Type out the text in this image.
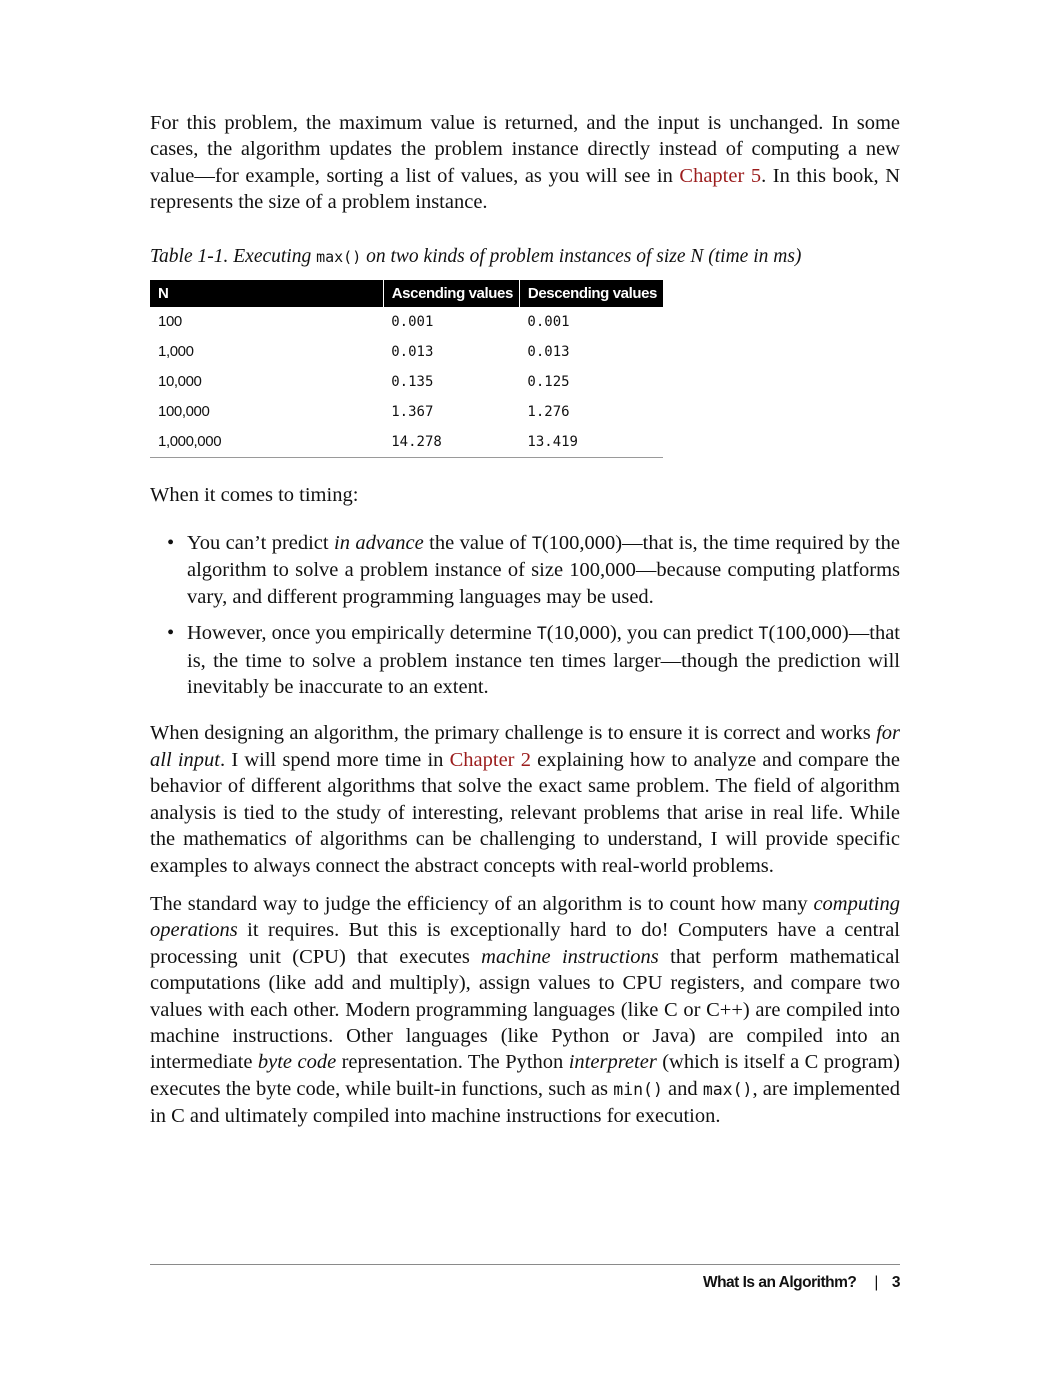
For this problem, the maximum value is returned, and the input is unchanged. In some cases, the algorithm updates the problem instance directly instead of computing a new value—for example, sorting a list of values, as you will see in Chapter 5. In this book, N represents the size of a problem instance.

Table 1-1. Executing max() on two kinds of problem instances of size N (time in ms)
N	Ascending values	Descending values
100	0.001	0.001
1,000	0.013	0.013
10,000	0.135	0.125
100,000	1.367	1.276
1,000,000	14.278	13.419

When it comes to timing:

• You can’t predict in advance the value of T(100,000)—that is, the time required by the algorithm to solve a problem instance of size 100,000—because computing platforms vary, and different programming languages may be used.
• However, once you empirically determine T(10,000), you can predict T(100,000)—that is, the time to solve a problem instance ten times larger—though the prediction will inevitably be inaccurate to an extent.

When designing an algorithm, the primary challenge is to ensure it is correct and works for all input. I will spend more time in Chapter 2 explaining how to analyze and compare the behavior of different algorithms that solve the exact same problem. The field of algorithm analysis is tied to the study of interesting, relevant problems that arise in real life. While the mathematics of algorithms can be challenging to understand, I will provide specific examples to always connect the abstract concepts with real-world problems.

The standard way to judge the efficiency of an algorithm is to count how many computing operations it requires. But this is exceptionally hard to do! Computers have a central processing unit (CPU) that executes machine instructions that perform mathematical computations (like add and multiply), assign values to CPU registers, and compare two values with each other. Modern programming languages (like C or C++) are compiled into machine instructions. Other languages (like Python or Java) are compiled into an intermediate byte code representation. The Python interpreter (which is itself a C program) executes the byte code, while built-in functions, such as min() and max(), are implemented in C and ultimately compiled into machine instructions for execution.

What Is an Algorithm? | 3
